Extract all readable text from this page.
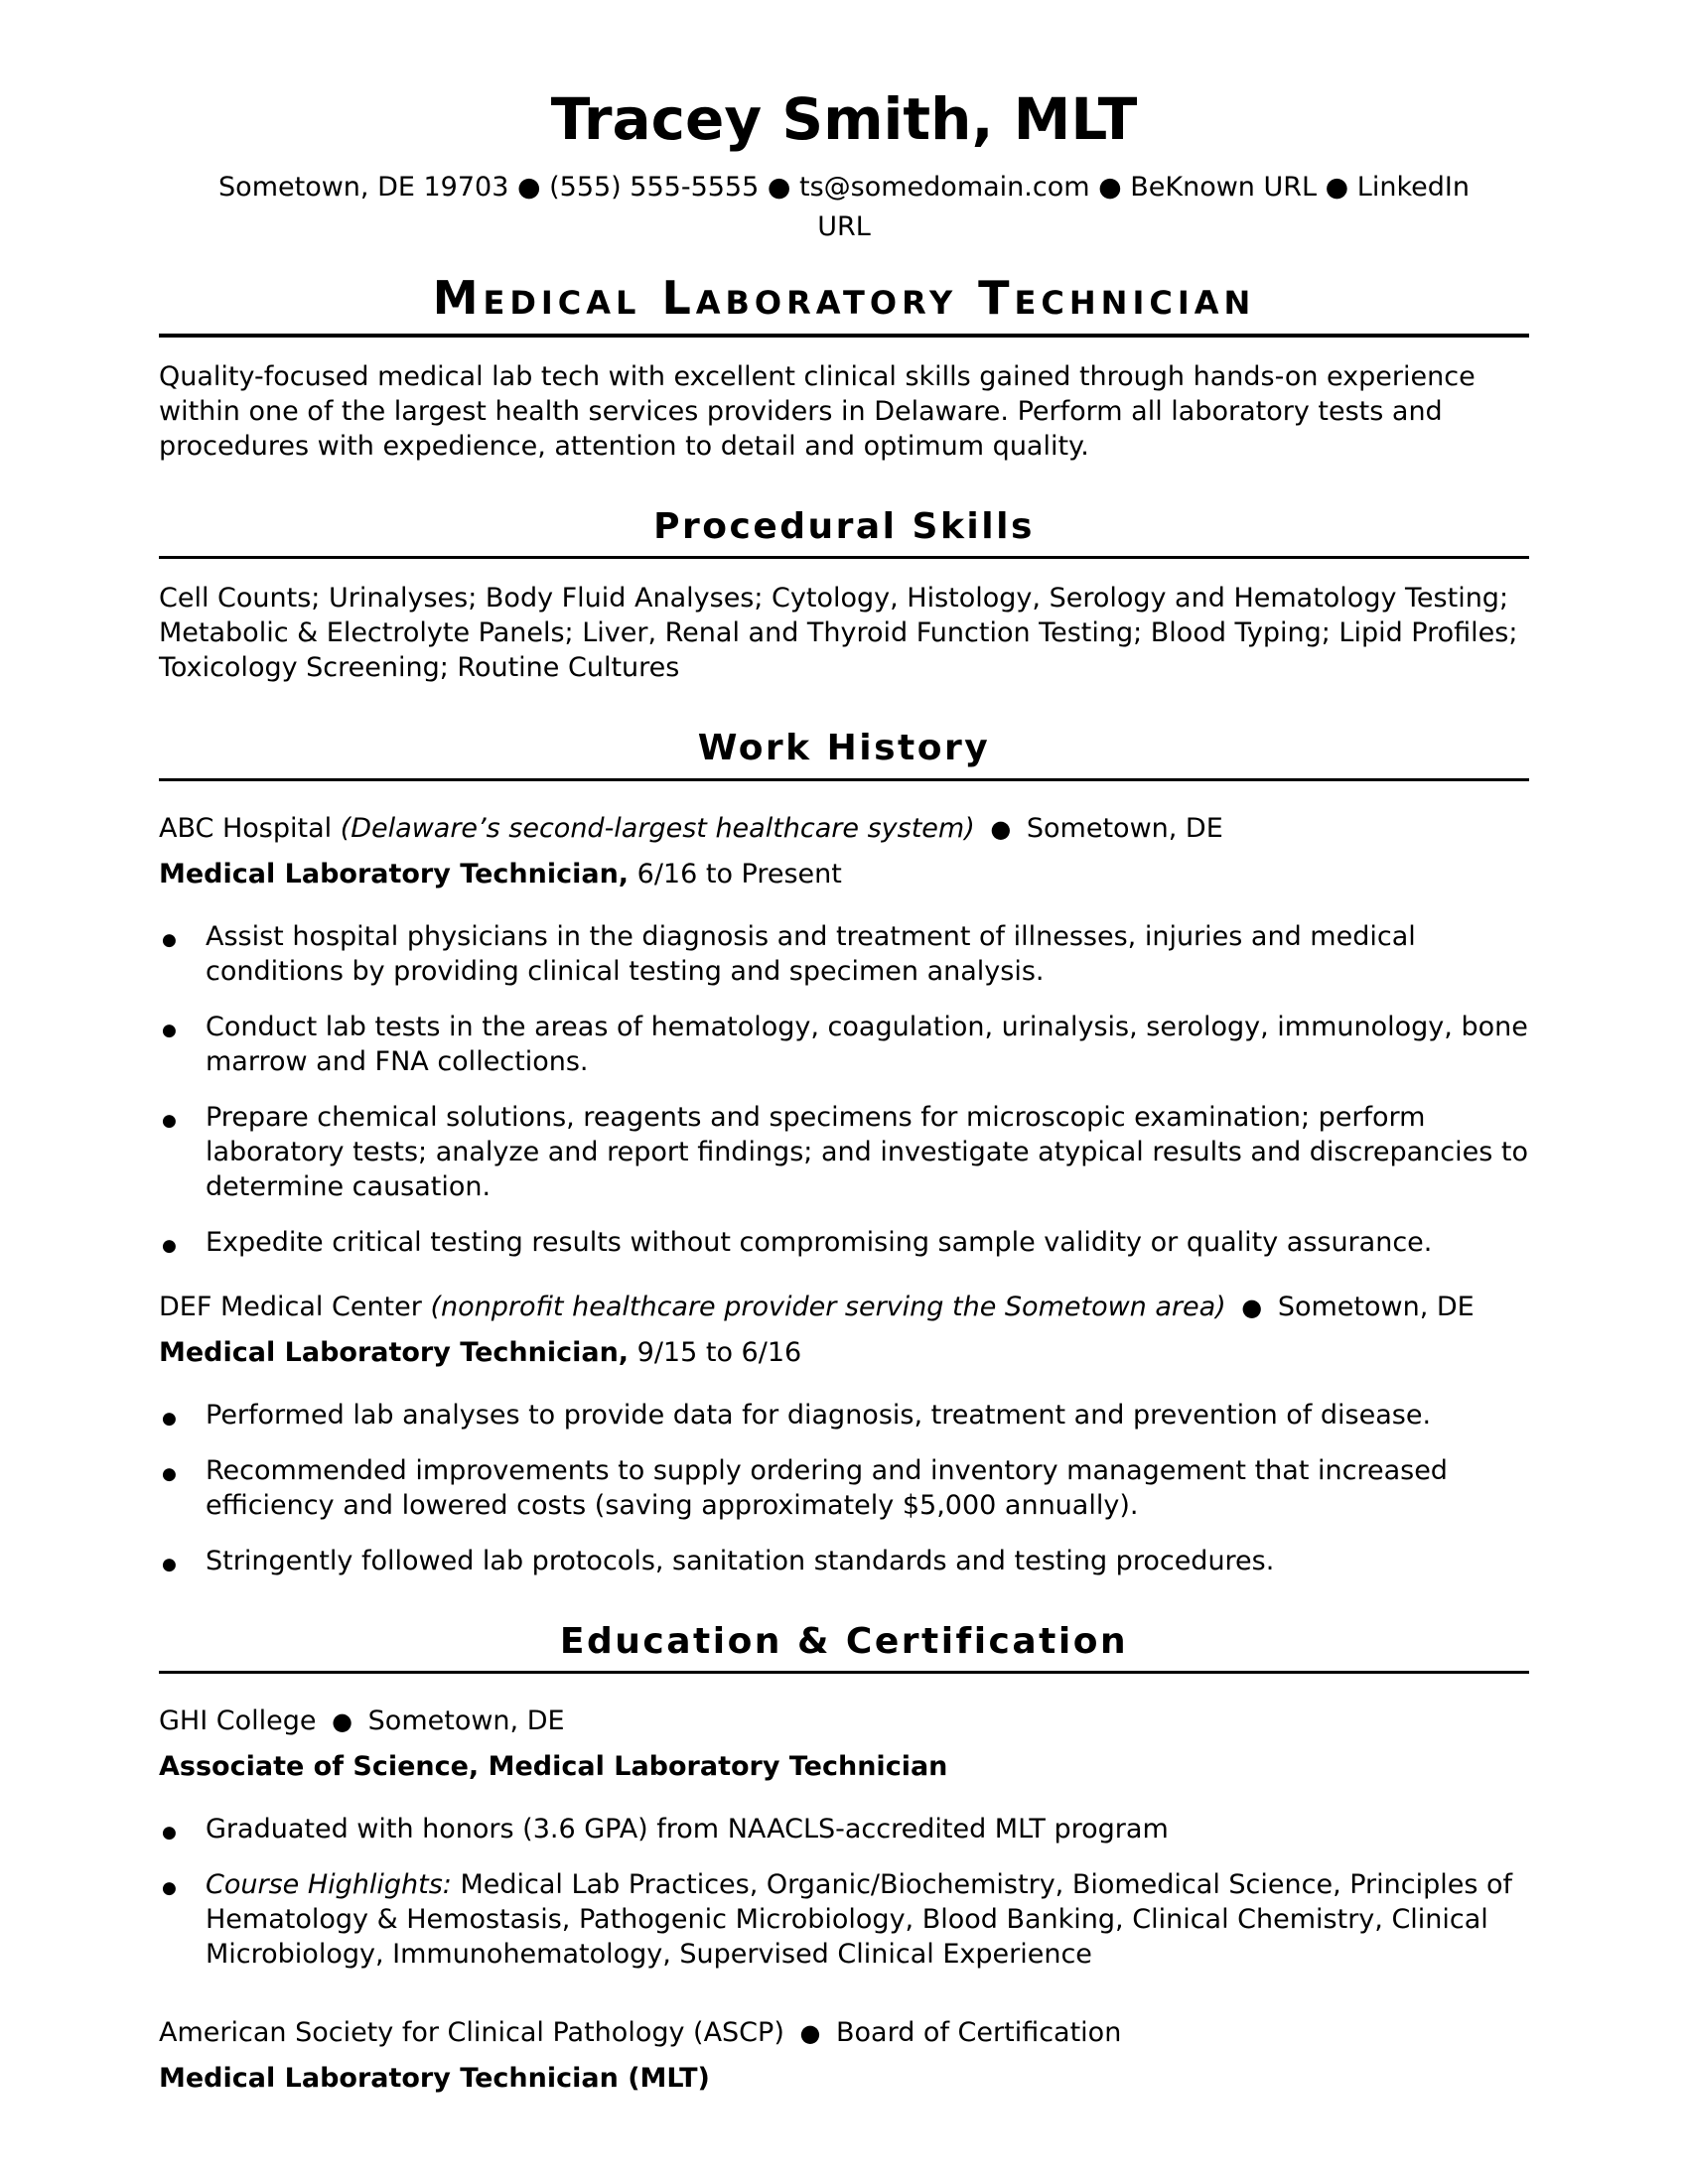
Tracey Smith, MLT
Sometown, DE 19703 ● (555) 555-5555 ● ts@somedomain.com ● BeKnown URL ● LinkedIn
URL
Medical Laboratory Technician

Quality-focused medical lab tech with excellent clinical skills gained through hands-on experience within one of the largest health services providers in Delaware. Perform all laboratory tests and procedures with expedience, attention to detail and optimum quality.

Procedural Skills

Cell Counts; Urinalyses; Body Fluid Analyses; Cytology, Histology, Serology and Hematology Testing; Metabolic & Electrolyte Panels; Liver, Renal and Thyroid Function Testing; Blood Typing; Lipid Profiles; Toxicology Screening; Routine Cultures

Work History
ABC Hospital (Delaware’s second-largest healthcare system) ● Sometown, DE
Medical Laboratory Technician, 6/16 to Present
● Assist hospital physicians in the diagnosis and treatment of illnesses, injuries and medical conditions by providing clinical testing and specimen analysis.
● Conduct lab tests in the areas of hematology, coagulation, urinalysis, serology, immunology, bone marrow and FNA collections.
● Prepare chemical solutions, reagents and specimens for microscopic examination; perform laboratory tests; analyze and report findings; and investigate atypical results and discrepancies to determine causation.
● Expedite critical testing results without compromising sample validity or quality assurance.
DEF Medical Center (nonprofit healthcare provider serving the Sometown area) ● Sometown, DE
Medical Laboratory Technician, 9/15 to 6/16
● Performed lab analyses to provide data for diagnosis, treatment and prevention of disease.
● Recommended improvements to supply ordering and inventory management that increased efficiency and lowered costs (saving approximately $5,000 annually).
● Stringently followed lab protocols, sanitation standards and testing procedures.
Education & Certification
GHI College ● Sometown, DE
Associate of Science, Medical Laboratory Technician
● Graduated with honors (3.6 GPA) from NAACLS-accredited MLT program
● Course Highlights: Medical Lab Practices, Organic/Biochemistry, Biomedical Science, Principles of Hematology & Hemostasis, Pathogenic Microbiology, Blood Banking, Clinical Chemistry, Clinical Microbiology, Immunohematology, Supervised Clinical Experience
American Society for Clinical Pathology (ASCP) ● Board of Certification
Medical Laboratory Technician (MLT)
